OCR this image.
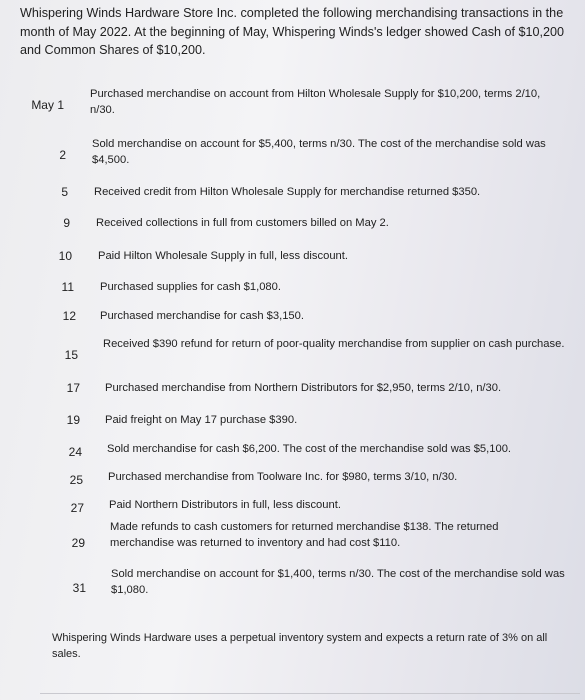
Whispering Winds Hardware Store Inc. completed the following merchandising transactions in the month of May 2022. At the beginning of May, Whispering Winds's ledger showed Cash of $10,200 and Common Shares of $10,200.
May 1
Purchased merchandise on account from Hilton Wholesale Supply for $10,200, terms 2/10, n/30.
2
Sold merchandise on account for $5,400, terms n/30. The cost of the merchandise sold was $4,500.
5 Received credit from Hilton Wholesale Supply for merchandise returned $350.
9 Received collections in full from customers billed on May 2.
10 Paid Hilton Wholesale Supply in full, less discount.
11 Purchased supplies for cash $1,080.
12 Purchased merchandise for cash $3,150.
15
Received $390 refund for return of poor-quality merchandise from supplier on cash purchase.
17 Purchased merchandise from Northern Distributors for $2,950, terms 2/10, n/30.
19 Paid freight on May 17 purchase $390.
24 Sold merchandise for cash $6,200. The cost of the merchandise sold was $5,100.
25 Purchased merchandise from Toolware Inc. for $980, terms 3/10, n/30.
27 Paid Northern Distributors in full, less discount.
29
Made refunds to cash customers for returned merchandise $138. The returned merchandise was returned to inventory and had cost $110.
31
Sold merchandise on account for $1,400, terms n/30. The cost of the merchandise sold was $1,080.
Whispering Winds Hardware uses a perpetual inventory system and expects a return rate of 3% on all sales.
